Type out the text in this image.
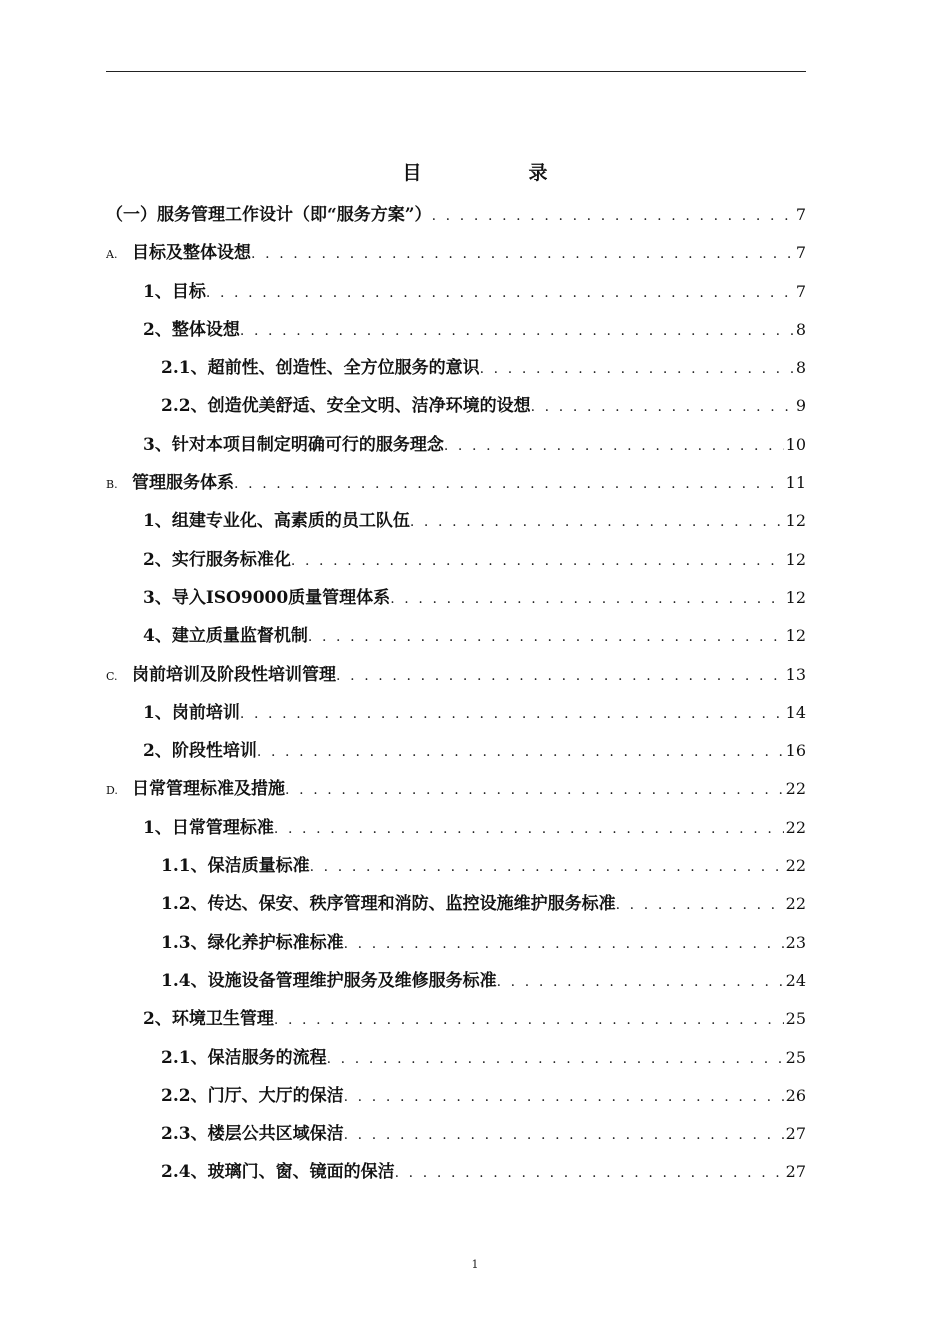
目　录
（一）服务管理工作设计（即“服务方案”） . . .	7
A. 目标及整体设想 . . .	7
1、目标 . . .	7
2、整体设想 . . .	8
2.1、超前性、创造性、全方位服务的意识 . . .	8
2.2、创造优美舒适、安全文明、洁净环境的设想 . . .	9
3、针对本项目制定明确可行的服务理念 . . .	10
B. 管理服务体系 . . .	11
1、组建专业化、高素质的员工队伍 . . .	12
2、实行服务标准化 . . .	12
3、导入ISO9000质量管理体系 . . .	12
4、建立质量监督机制 . . .	12
C. 岗前培训及阶段性培训管理 . . .	13
1、岗前培训 . . .	14
2、阶段性培训 . . .	16
D. 日常管理标准及措施 . . .	22
1、日常管理标准 . . .	22
1.1、保洁质量标准 . . .	22
1.2、传达、保安、秩序管理和消防、监控设施维护服务标准 . . .	22
1.3、绿化养护标准标准 . . .	23
1.4、设施设备管理维护服务及维修服务标准 . . .	24
2、环境卫生管理 . . .	25
2.1、保洁服务的流程 . . .	25
2.2、门厅、大厅的保洁 . . .	26
2.3、楼层公共区域保洁 . . .	27
2.4、玻璃门、窗、镜面的保洁 . . .	27
1
